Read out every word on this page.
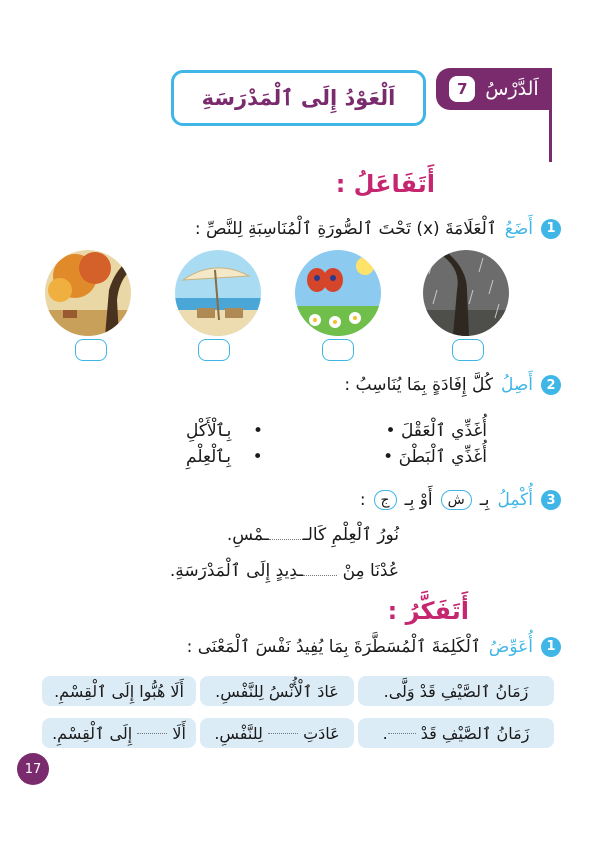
اَلدَّرْسُ
7
اَلْعَوْدُ إِلَى ٱلْمَدْرَسَةِ
أَتَفَاعَلُ :
1
أَضَعُ
ٱلْعَلَامَةَ (x) تَحْتَ ٱلصُّورَةِ ٱلْمُنَاسِبَةِ لِلنَّصِّ :
2
أَصِلُ
كُلَّ إِفَادَةٍ بِمَا يُنَاسِبُ :
أُغَذِّي ٱلْعَقْلَ •
أُغَذِّي ٱلْبَطْنَ •
•    بِٱلْأَكْلِ
•    بِٱلْعِلْمِ
3
أُكْمِلُ
بِـ
ش
أَوْ بِـ
ج
:
نُورُ ٱلْعِلْمِ كَالــمْسِ.
عُدْنَا مِنْ ـدِيدٍ إِلَى ٱلْمَدْرَسَةِ.
أَتَفَكَّرُ :
1
أُعَوِّضُ
ٱلْكَلِمَةَ ٱلْمُسَطَّرَةَ بِمَا يُفِيدُ نَفْسَ ٱلْمَعْنَى :
زَمَانُ ٱلصَّيْفِ قَدْ وَلَّى.
عَادَ ٱلْأُنْسُ لِلنَّفْسِ.
أَلَا هُبُّوا إِلَى ٱلْقِسْمِ.
زَمَانُ ٱلصَّيْفِ قَدْ

.
عَادَتِ

لِلنَّفْسِ.
أَلَا

إِلَى ٱلْقِسْمِ.
17
